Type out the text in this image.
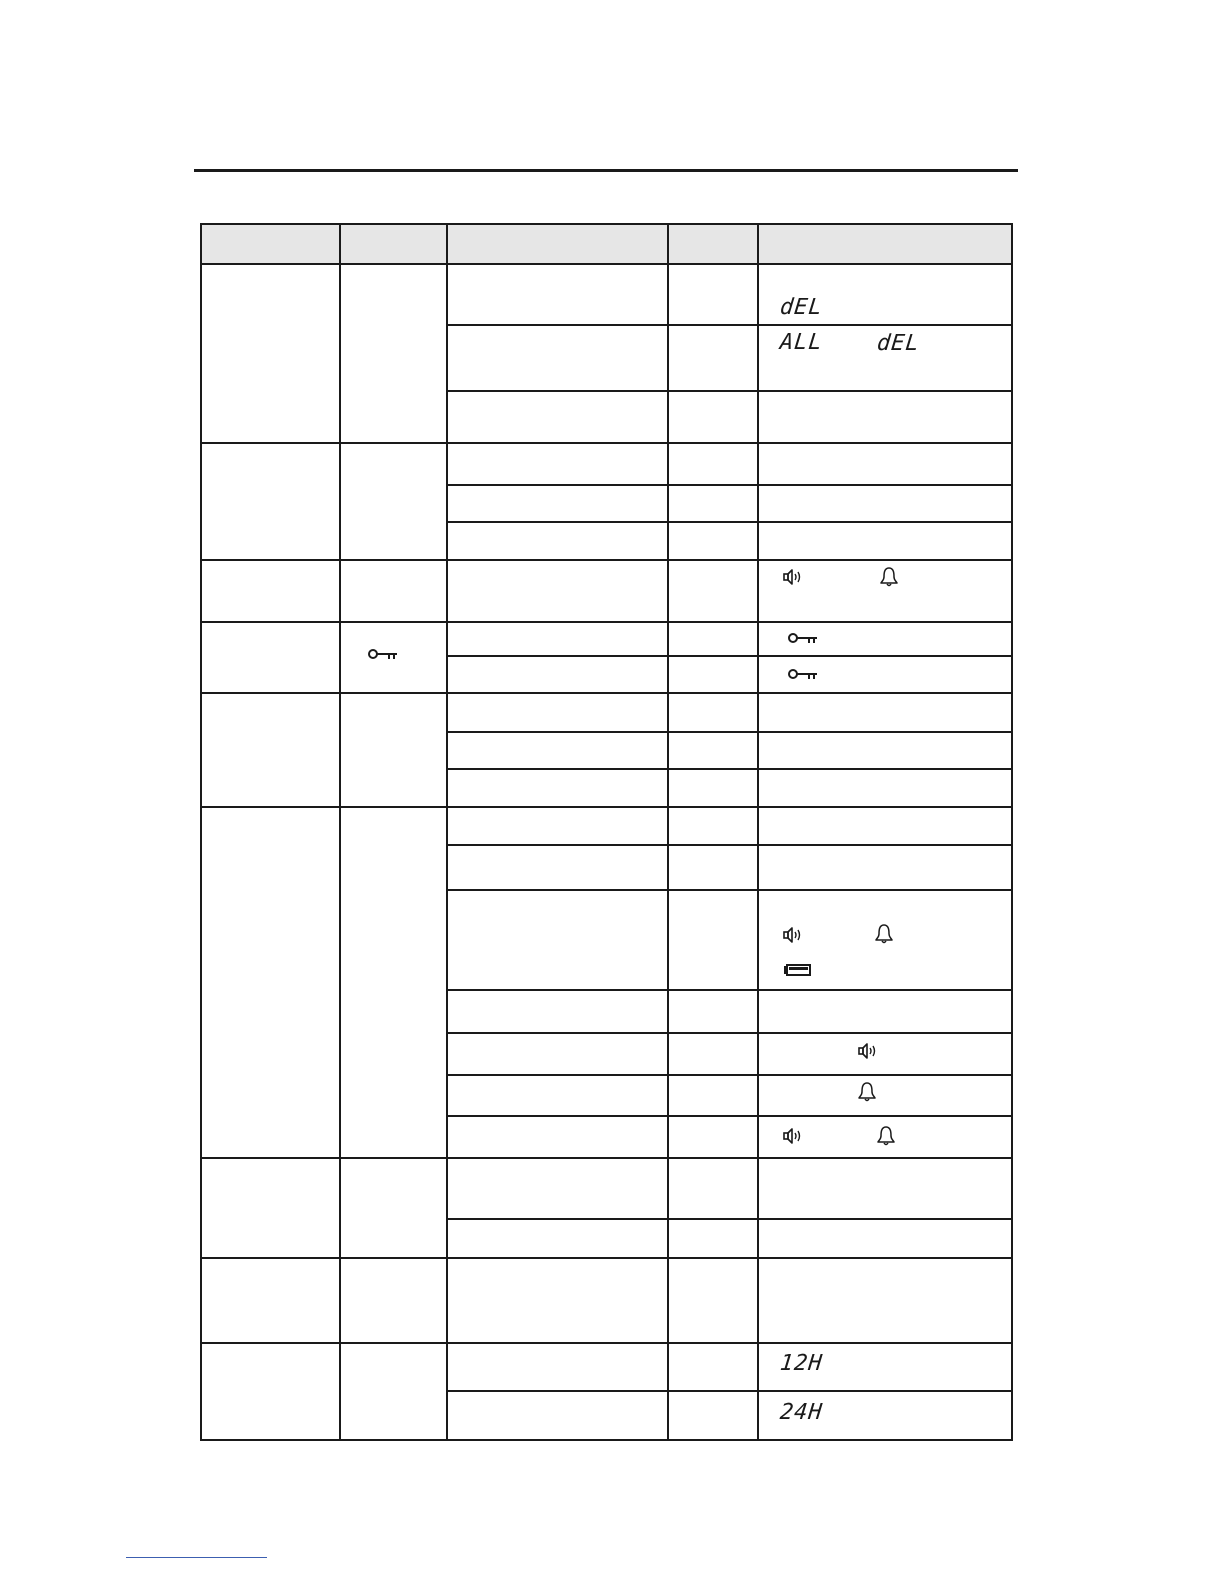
dEL
ALL dEL
12H
24H
